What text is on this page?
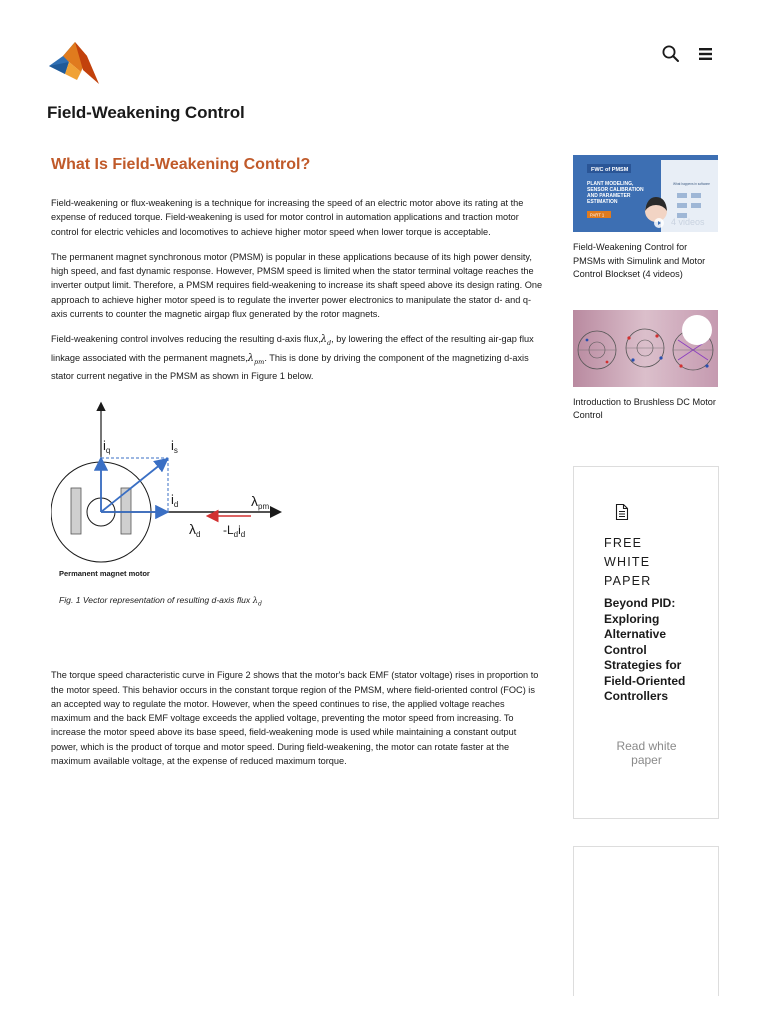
Field-Weakening Control
What Is Field-Weakening Control?

Field-weakening or flux-weakening is a technique for increasing the speed of an electric motor above its rating at the expense of reduced torque. Field-weakening is used for motor control in automation applications and traction motor control for electric vehicles and locomotives to achieve higher motor speed when lower torque is acceptable.

The permanent magnet synchronous motor (PMSM) is popular in these applications because of its high power density, high speed, and fast dynamic response. However, PMSM speed is limited when the stator terminal voltage reaches the inverter output limit. Therefore, a PMSM requires field-weakening to increase its shaft speed above its design rating. One approach to achieve higher motor speed is to regulate the inverter power electronics to manipulate the stator d- and q-axis currents to counter the magnetic airgap flux generated by the rotor magnets.

Field-weakening control involves reducing the resulting d-axis $flux,\lambda_d$, by lowering the effect of the resulting air-gap flux linkage associated with the permanent $magnets,\lambda_{pm}$. This is done by driving the component of the magnetizing d-axis stator current negative in the PMSM as shown in Figure 1 below.

$i_q$	$i_s$
$i_d$	$\lambda_{pm}$
$\lambda_d$ $-L_di_d$
Permanent magnet motor
Fig. 1 Vector representation of resulting d-axis flux $\lambda_d$

The torque speed characteristic curve in Figure 2 shows that the motor's back EMF (stator voltage) rises in proportion to the motor speed. This behavior occurs in the constant torque region of the PMSM, where field-oriented control (FOC) is an accepted way to regulate the motor. However, when the speed continues to rise, the applied voltage reaches maximum and the back EMF voltage exceeds the applied voltage, preventing the motor speed from increasing. To increase the motor speed above its base speed, field-weakening mode is used while maintaining a constant output power, which is the product of torque and motor speed. During field-weakening, the motor can rotate faster at the maximum available voltage, at the expense of reduced maximum torque.

FWC of PMSM
PLANT MODELING, SENSOR CALIBRATION AND PARAMETER ESTIMATION
PART 1
What happens in software
4 videos
Field-Weakening Control for PMSMs with Simulink and Motor Control Blockset (4 videos)
Introduction to Brushless DC Motor Control
FREE WHITE PAPER
Beyond PID: Exploring Alternative Control Strategies for Field-Oriented Controllers
Read white paper
